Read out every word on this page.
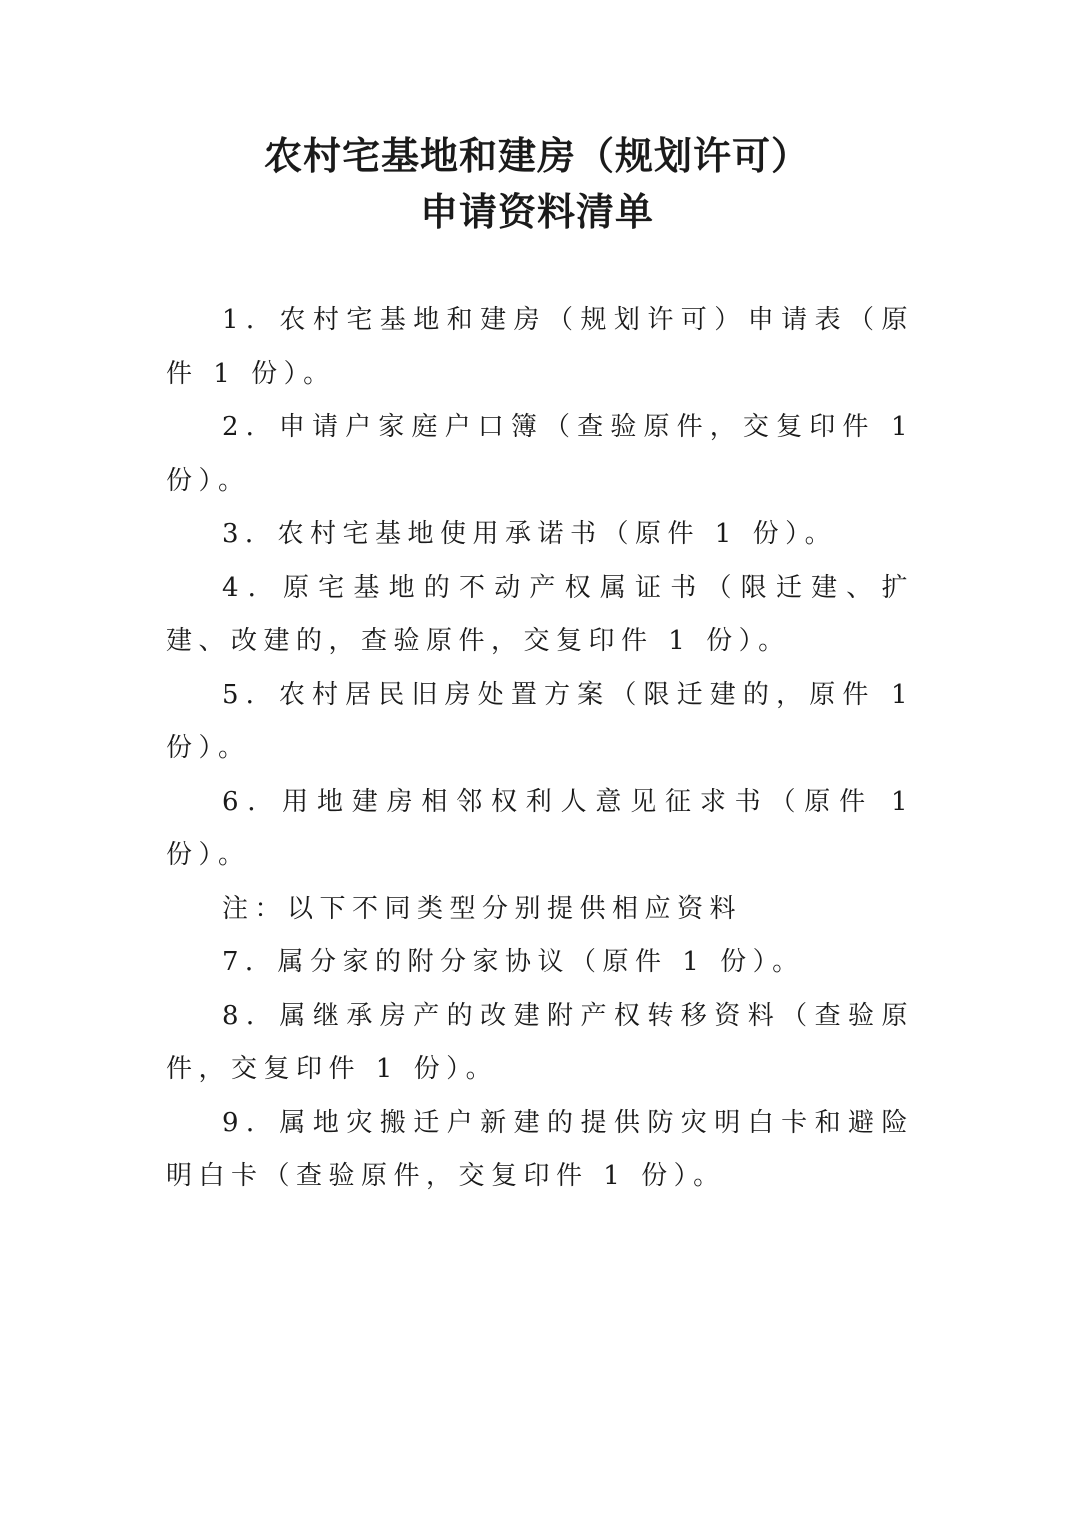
农村宅基地和建房（规划许可）
申请资料清单

1．农村宅基地和建房（规划许可）申请表（原件 1 份）。

2．申请户家庭户口簿（查验原件，交复印件 1 份）。

3．农村宅基地使用承诺书（原件 1 份）。

4．原宅基地的不动产权属证书（限迁建、扩建、改建的，查验原件，交复印件 1 份）。

5．农村居民旧房处置方案（限迁建的，原件 1 份）。

6．用地建房相邻权利人意见征求书（原件 1 份）。

注：以下不同类型分别提供相应资料

7．属分家的附分家协议（原件 1 份）。

8．属继承房产的改建附产权转移资料（查验原件，交复印件 1 份）。

9．属地灾搬迁户新建的提供防灾明白卡和避险明白卡（查验原件，交复印件 1 份）。
